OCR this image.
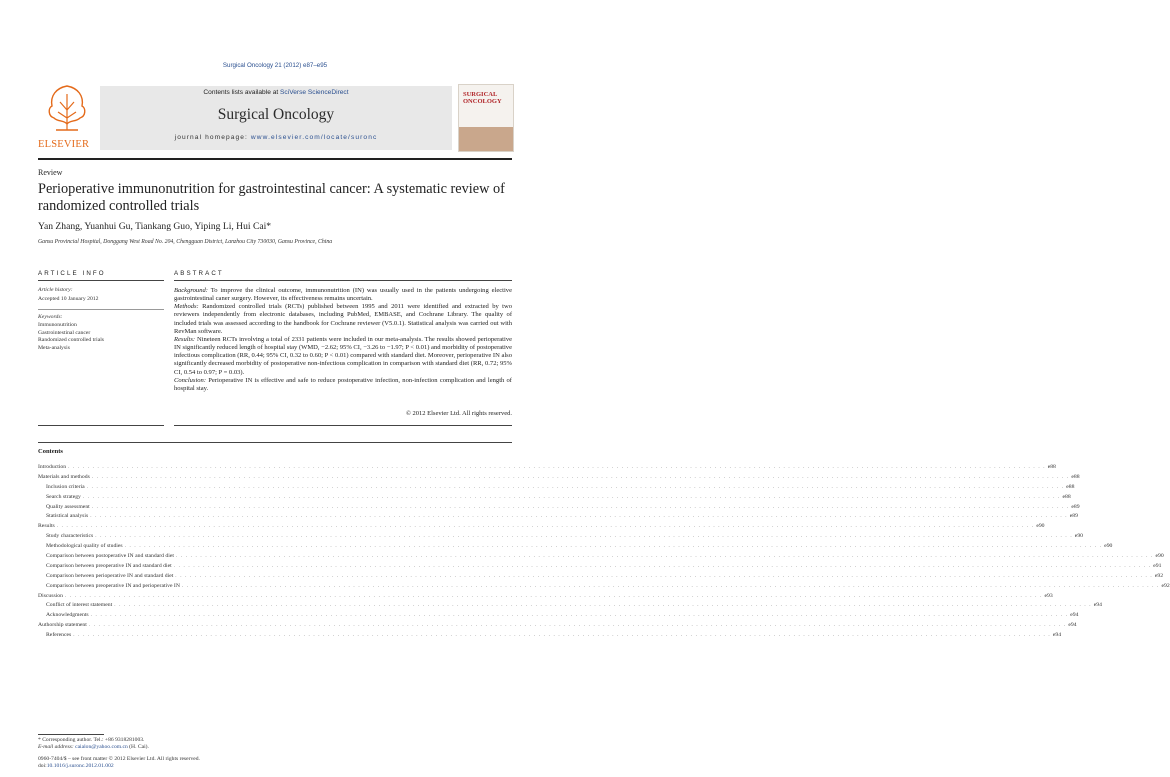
Surgical Oncology 21 (2012) e87–e95
ELSEVIER
Contents lists available at SciVerse ScienceDirect
Surgical Oncology
journal homepage: www.elsevier.com/locate/suronc
SURGICAL ONCOLOGY
Review
Perioperative immunonutrition for gastrointestinal cancer: A systematic review of randomized controlled trials
Yan Zhang, Yuanhui Gu, Tiankang Guo, Yiping Li, Hui Cai*
Gansu Provincial Hospital, Donggang West Road No. 204, Chengguan District, Lanzhou City 730030, Gansu Province, China
ARTICLE INFO
Article history:
Accepted 10 January 2012
Keywords:
Immunonutrition
Gastrointestinal cancer
Randomized controlled trials
Meta-analysis
ABSTRACT

Background: To improve the clinical outcome, immunonutrition (IN) was usually used in the patients undergoing elective gastrointestinal caner surgery. However, its effectiveness remains uncertain.

Methods: Randomized controlled trials (RCTs) published between 1995 and 2011 were identified and extracted by two reviewers independently from electronic databases, including PubMed, EMBASE, and Cochrane Library. The quality of included trials was assessed according to the handbook for Cochrane reviewer (V5.0.1). Statistical analysis was carried out with RevMan software.

Results: Nineteen RCTs involving a total of 2331 patients were included in our meta-analysis. The results showed perioperative IN significantly reduced length of hospital stay (WMD, −2.62; 95% CI, −3.26 to −1.97; P < 0.01) and morbidity of postoperative infectious complication (RR, 0.44; 95% CI, 0.32 to 0.60; P < 0.01) compared with standard diet. Moreover, perioperative IN also significantly decreased morbidity of postoperative non-infectious complication in comparison with standard diet (RR, 0.72; 95% CI, 0.54 to 0.97; P = 0.03).

Conclusion: Perioperative IN is effective and safe to reduce postoperative infection, non-infection complication and length of hospital stay.

© 2012 Elsevier Ltd. All rights reserved.
Contents
Introduction . . . . . . . . . . . . . . . . . . . . . . . . . . . . . . . . . . . . . . . . . . . . . . . . . . . . . . . . . . . . . . . . . . . . . . . . . . . . . . . . . . . . . . . . . . . . . . . . . . . . . . . . . . . . . . . . . . . . . . . . . . . . . . . . . . . . . . . . . . . . . . . . . . . . . . . . . . . . . . . . . . . . . . . . . . . . . . . . . . . . . . . . . . . . . . . . . . . . . . . . e88
Materials and methods . . . . . . . . . . . . . . . . . . . . . . . . . . . . . . . . . . . . . . . . . . . . . . . . . . . . . . . . . . . . . . . . . . . . . . . . . . . . . . . . . . . . . . . . . . . . . . . . . . . . . . . . . . . . . . . . . . . . . . . . . . . . . . . . . . . . . . . . . . . . . . . . . . . . . . . . . . . . . . . . . . . . . . . . . . . . . . . . . . . . . . . . . . . . . . . . . . . . . . . . e88
Inclusion criteria . . . . . . . . . . . . . . . . . . . . . . . . . . . . . . . . . . . . . . . . . . . . . . . . . . . . . . . . . . . . . . . . . . . . . . . . . . . . . . . . . . . . . . . . . . . . . . . . . . . . . . . . . . . . . . . . . . . . . . . . . . . . . . . . . . . . . . . . . . . . . . . . . . . . . . . . . . . . . . . . . . . . . . . . . . . . . . . . . . . . . . . . . . . . . . . . . . . . . . . . e88
Search strategy . . . . . . . . . . . . . . . . . . . . . . . . . . . . . . . . . . . . . . . . . . . . . . . . . . . . . . . . . . . . . . . . . . . . . . . . . . . . . . . . . . . . . . . . . . . . . . . . . . . . . . . . . . . . . . . . . . . . . . . . . . . . . . . . . . . . . . . . . . . . . . . . . . . . . . . . . . . . . . . . . . . . . . . . . . . . . . . . . . . . . . . . . . . . . . . . . . . . . . . . e88
Quality assessment . . . . . . . . . . . . . . . . . . . . . . . . . . . . . . . . . . . . . . . . . . . . . . . . . . . . . . . . . . . . . . . . . . . . . . . . . . . . . . . . . . . . . . . . . . . . . . . . . . . . . . . . . . . . . . . . . . . . . . . . . . . . . . . . . . . . . . . . . . . . . . . . . . . . . . . . . . . . . . . . . . . . . . . . . . . . . . . . . . . . . . . . . . . . . . . . . . . . . . . . e89
Statistical analysis . . . . . . . . . . . . . . . . . . . . . . . . . . . . . . . . . . . . . . . . . . . . . . . . . . . . . . . . . . . . . . . . . . . . . . . . . . . . . . . . . . . . . . . . . . . . . . . . . . . . . . . . . . . . . . . . . . . . . . . . . . . . . . . . . . . . . . . . . . . . . . . . . . . . . . . . . . . . . . . . . . . . . . . . . . . . . . . . . . . . . . . . . . . . . . . . . . . . . . . . e89
Results . . . . . . . . . . . . . . . . . . . . . . . . . . . . . . . . . . . . . . . . . . . . . . . . . . . . . . . . . . . . . . . . . . . . . . . . . . . . . . . . . . . . . . . . . . . . . . . . . . . . . . . . . . . . . . . . . . . . . . . . . . . . . . . . . . . . . . . . . . . . . . . . . . . . . . . . . . . . . . . . . . . . . . . . . . . . . . . . . . . . . . . . . . . . . . . . . . . . . . . . e90
Study characteristics . . . . . . . . . . . . . . . . . . . . . . . . . . . . . . . . . . . . . . . . . . . . . . . . . . . . . . . . . . . . . . . . . . . . . . . . . . . . . . . . . . . . . . . . . . . . . . . . . . . . . . . . . . . . . . . . . . . . . . . . . . . . . . . . . . . . . . . . . . . . . . . . . . . . . . . . . . . . . . . . . . . . . . . . . . . . . . . . . . . . . . . . . . . . . . . . . . . . . . . . e90
Methodological quality of studies . . . . . . . . . . . . . . . . . . . . . . . . . . . . . . . . . . . . . . . . . . . . . . . . . . . . . . . . . . . . . . . . . . . . . . . . . . . . . . . . . . . . . . . . . . . . . . . . . . . . . . . . . . . . . . . . . . . . . . . . . . . . . . . . . . . . . . . . . . . . . . . . . . . . . . . . . . . . . . . . . . . . . . . . . . . . . . . . . . . . . . . . . . . . . . . . . . . . . . . . e90
Comparison between postoperative IN and standard diet . . . . . . . . . . . . . . . . . . . . . . . . . . . . . . . . . . . . . . . . . . . . . . . . . . . . . . . . . . . . . . . . . . . . . . . . . . . . . . . . . . . . . . . . . . . . . . . . . . . . . . . . . . . . . . . . . . . . . . . . . . . . . . . . . . . . . . . . . . . . . . . . . . . . . . . . . . . . . . . . . . . . . . . . . . . . . . . . . . . . . . . . . . . . . . . . . . . . . . . . e90
Comparison between preoperative IN and standard diet . . . . . . . . . . . . . . . . . . . . . . . . . . . . . . . . . . . . . . . . . . . . . . . . . . . . . . . . . . . . . . . . . . . . . . . . . . . . . . . . . . . . . . . . . . . . . . . . . . . . . . . . . . . . . . . . . . . . . . . . . . . . . . . . . . . . . . . . . . . . . . . . . . . . . . . . . . . . . . . . . . . . . . . . . . . . . . . . . . . . . . . . . . . . . . . . . . . . . . . . e91
Comparison between perioperative IN and standard diet . . . . . . . . . . . . . . . . . . . . . . . . . . . . . . . . . . . . . . . . . . . . . . . . . . . . . . . . . . . . . . . . . . . . . . . . . . . . . . . . . . . . . . . . . . . . . . . . . . . . . . . . . . . . . . . . . . . . . . . . . . . . . . . . . . . . . . . . . . . . . . . . . . . . . . . . . . . . . . . . . . . . . . . . . . . . . . . . . . . . . . . . . . . . . . . . . . . . . . . . e92
Comparison between preoperative IN and perioperative IN . . . . . . . . . . . . . . . . . . . . . . . . . . . . . . . . . . . . . . . . . . . . . . . . . . . . . . . . . . . . . . . . . . . . . . . . . . . . . . . . . . . . . . . . . . . . . . . . . . . . . . . . . . . . . . . . . . . . . . . . . . . . . . . . . . . . . . . . . . . . . . . . . . . . . . . . . . . . . . . . . . . . . . . . . . . . . . . . . . . . . . . . . . . . . . . . . . . . . . . . e92
Discussion . . . . . . . . . . . . . . . . . . . . . . . . . . . . . . . . . . . . . . . . . . . . . . . . . . . . . . . . . . . . . . . . . . . . . . . . . . . . . . . . . . . . . . . . . . . . . . . . . . . . . . . . . . . . . . . . . . . . . . . . . . . . . . . . . . . . . . . . . . . . . . . . . . . . . . . . . . . . . . . . . . . . . . . . . . . . . . . . . . . . . . . . . . . . . . . . . . . . . . . . e93
Conflict of interest statement . . . . . . . . . . . . . . . . . . . . . . . . . . . . . . . . . . . . . . . . . . . . . . . . . . . . . . . . . . . . . . . . . . . . . . . . . . . . . . . . . . . . . . . . . . . . . . . . . . . . . . . . . . . . . . . . . . . . . . . . . . . . . . . . . . . . . . . . . . . . . . . . . . . . . . . . . . . . . . . . . . . . . . . . . . . . . . . . . . . . . . . . . . . . . . . . . . . . . . . . e94
Acknowledgments . . . . . . . . . . . . . . . . . . . . . . . . . . . . . . . . . . . . . . . . . . . . . . . . . . . . . . . . . . . . . . . . . . . . . . . . . . . . . . . . . . . . . . . . . . . . . . . . . . . . . . . . . . . . . . . . . . . . . . . . . . . . . . . . . . . . . . . . . . . . . . . . . . . . . . . . . . . . . . . . . . . . . . . . . . . . . . . . . . . . . . . . . . . . . . . . . . . . . . . . e94
Authorship statement . . . . . . . . . . . . . . . . . . . . . . . . . . . . . . . . . . . . . . . . . . . . . . . . . . . . . . . . . . . . . . . . . . . . . . . . . . . . . . . . . . . . . . . . . . . . . . . . . . . . . . . . . . . . . . . . . . . . . . . . . . . . . . . . . . . . . . . . . . . . . . . . . . . . . . . . . . . . . . . . . . . . . . . . . . . . . . . . . . . . . . . . . . . . . . . . . . . . . . . . e94
References . . . . . . . . . . . . . . . . . . . . . . . . . . . . . . . . . . . . . . . . . . . . . . . . . . . . . . . . . . . . . . . . . . . . . . . . . . . . . . . . . . . . . . . . . . . . . . . . . . . . . . . . . . . . . . . . . . . . . . . . . . . . . . . . . . . . . . . . . . . . . . . . . . . . . . . . . . . . . . . . . . . . . . . . . . . . . . . . . . . . . . . . . . . . . . . . . . . . . . . . e94
* Corresponding author. Tel.: +86 9318281003.
E-mail address: caialon@yahoo.com.cn (H. Cai).
0960-7404/$ – see front matter © 2012 Elsevier Ltd. All rights reserved.
doi:10.1016/j.suronc.2012.01.002
